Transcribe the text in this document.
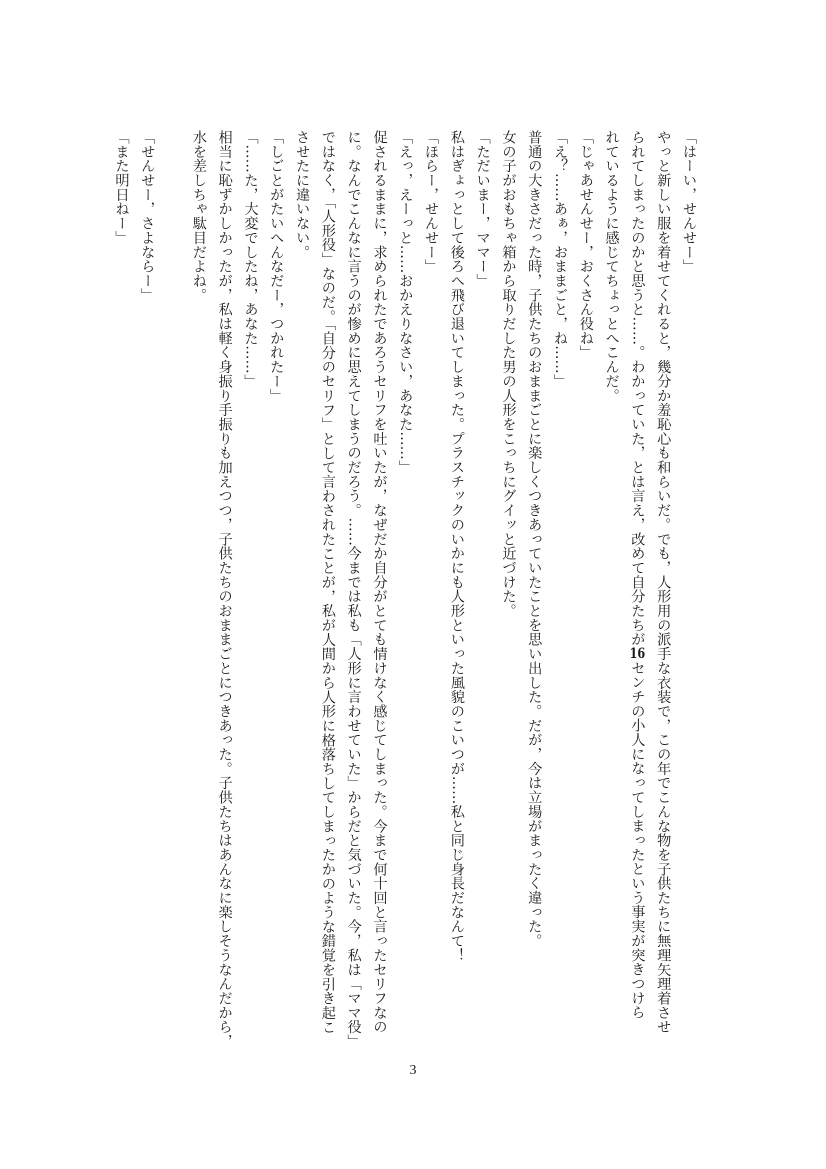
「はーい，せんせー」

やっと新しい服を着せてくれると，幾分か羞恥心も和らいだ。でも，人形用の派手な衣装で，この年でこんな物を子供たちに無理矢理着させ

られてしまったのかと思うと……。わかっていた，とは言え，改めて自分たちが16センチの小人になってしまったという事実が突きつけら

れているように感じてちょっとへこんだ。

「じゃあせんせー，おくさん役ね」

「え？……あぁ，おままごと，ね……」

普通の大きさだった時，子供たちのおままごとに楽しくつきあっていたことを思い出した。だが，今は立場がまったく違った。

女の子がおもちゃ箱から取りだした男の人形をこっちにグイッと近づけた。

「ただいまー，ママー」

私はぎょっとして後ろへ飛び退いてしまった。プラスチックのいかにも人形といった風貌のこいつが……私と同じ身長だなんて！

「ほらー，せんせー」

「えっ，えーっと……おかえりなさい，あなた……」

促されるままに，求められたであろうセリフを吐いたが，なぜだか自分がとても情けなく感じてしまった。今まで何十回と言ったセリフなの

に。なんでこんなに言うのが惨めに思えてしまうのだろう。……今までは私も「人形に言わせていた」からだと気づいた。今，私は「ママ役」

ではなく，「人形役」なのだ。「自分のセリフ」として言わされたことが，私が人間から人形に格落ちしてしまったかのような錯覚を引き起こ

させたに違いない。

「しごとがたいへんなだー，つかれたー」

「……た，大変でしたね，あなた……」

相当に恥ずかしかったが，私は軽く身振り手振りも加えつつ，子供たちのおままごとにつきあった。子供たちはあんなに楽しそうなんだから，

水を差しちゃ駄目だよね。

「せんせー，さよならー」

「また明日ねー」

3
